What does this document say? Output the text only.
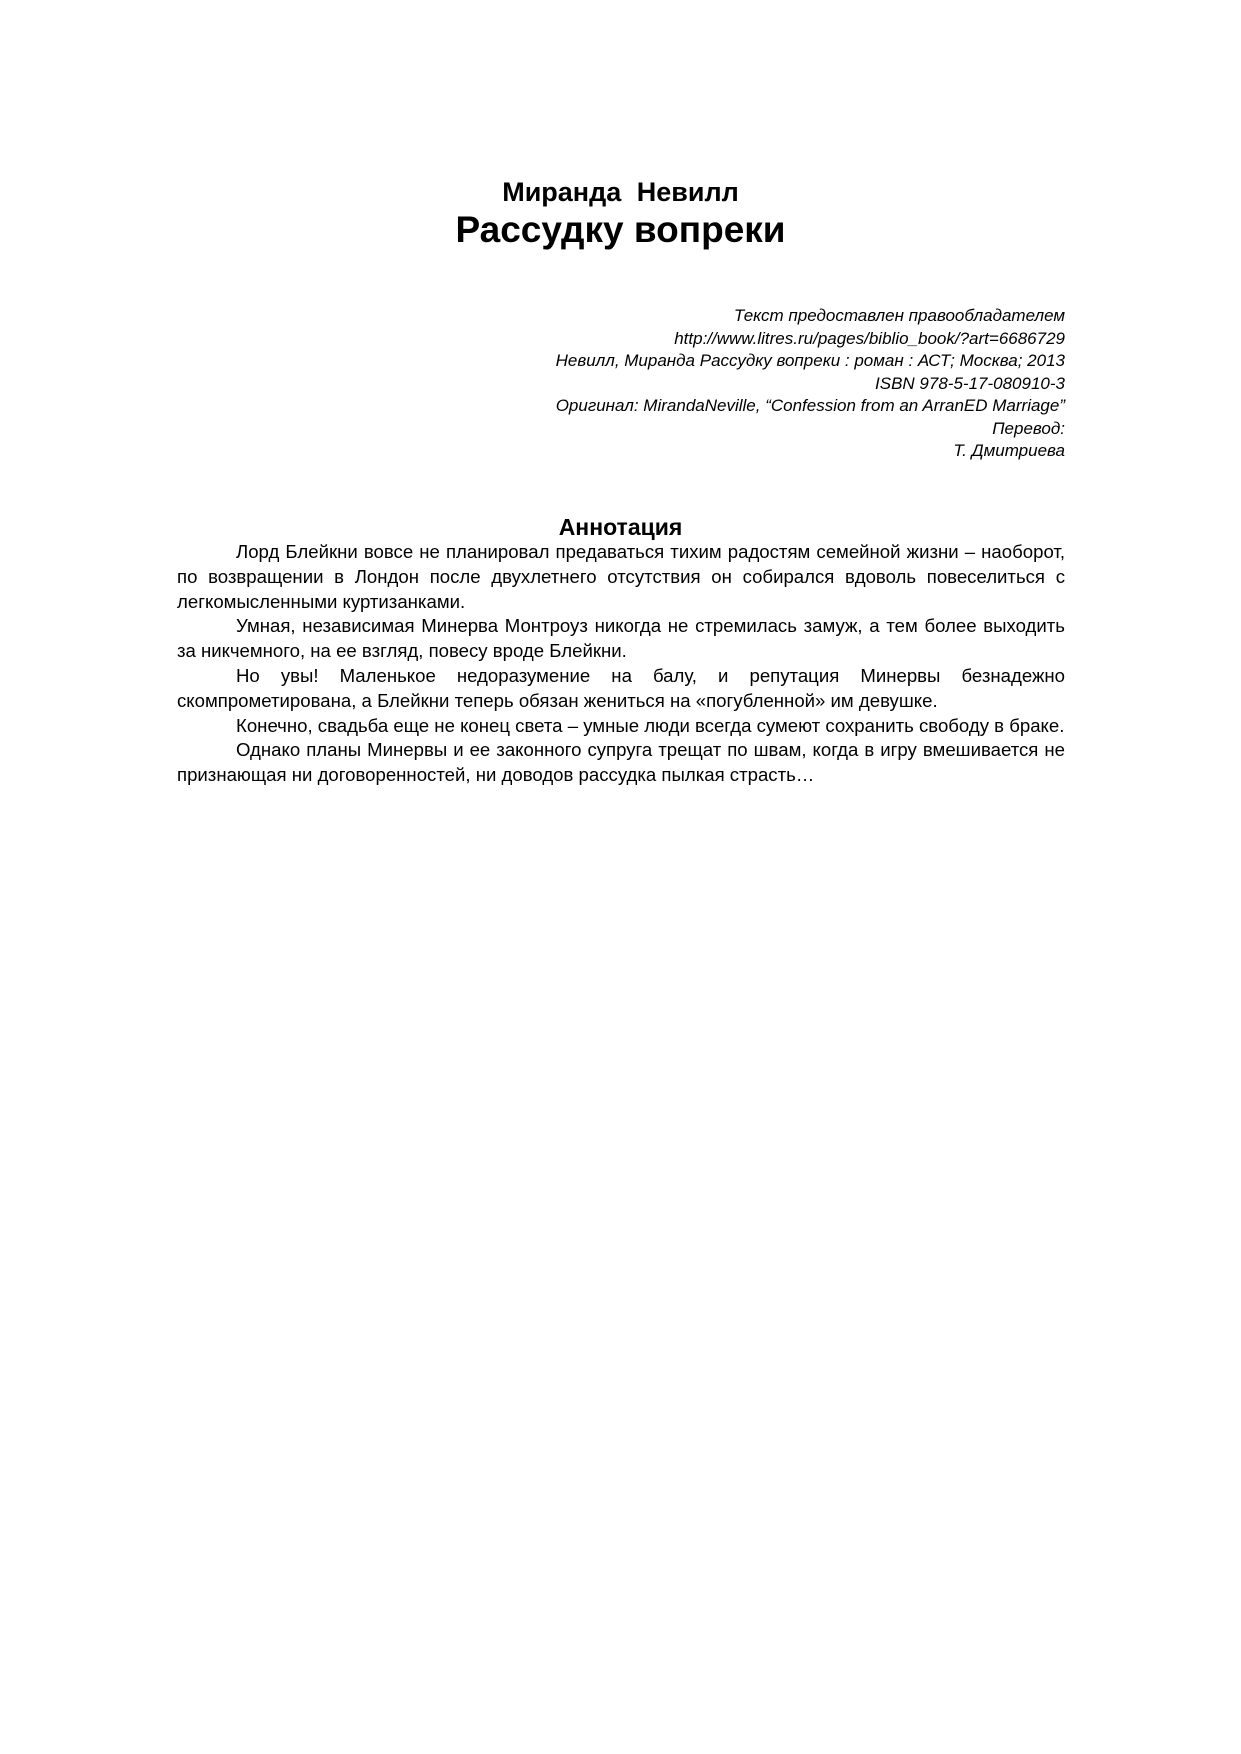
Миранда Невилл
Рассудку вопреки
Текст предоставлен правообладателем
http://www.litres.ru/pages/biblio_book/?art=6686729
Невилл, Миранда Рассудку вопреки : роман : АСТ; Москва; 2013
ISBN 978-5-17-080910-3
Оригинал: MirandaNeville, “Confession from an ArranED Marriage”
Перевод:
Т. Дмитриева
Аннотация

Лорд Блейкни вовсе не планировал предаваться тихим радостям семейной жизни – наоборот, по возвращении в Лондон после двухлетнего отсутствия он собирался вдоволь повеселиться с легкомысленными куртизанками.

Умная, независимая Минерва Монтроуз никогда не стремилась замуж, а тем более выходить за никчемного, на ее взгляд, повесу вроде Блейкни.

Но увы! Маленькое недоразумение на балу, и репутация Минервы безнадежно скомпрометирована, а Блейкни теперь обязан жениться на «погубленной» им девушке.

Конечно, свадьба еще не конец света – умные люди всегда сумеют сохранить свободу в браке.

Однако планы Минервы и ее законного супруга трещат по швам, когда в игру вмешивается не признающая ни договоренностей, ни доводов рассудка пылкая страсть…
